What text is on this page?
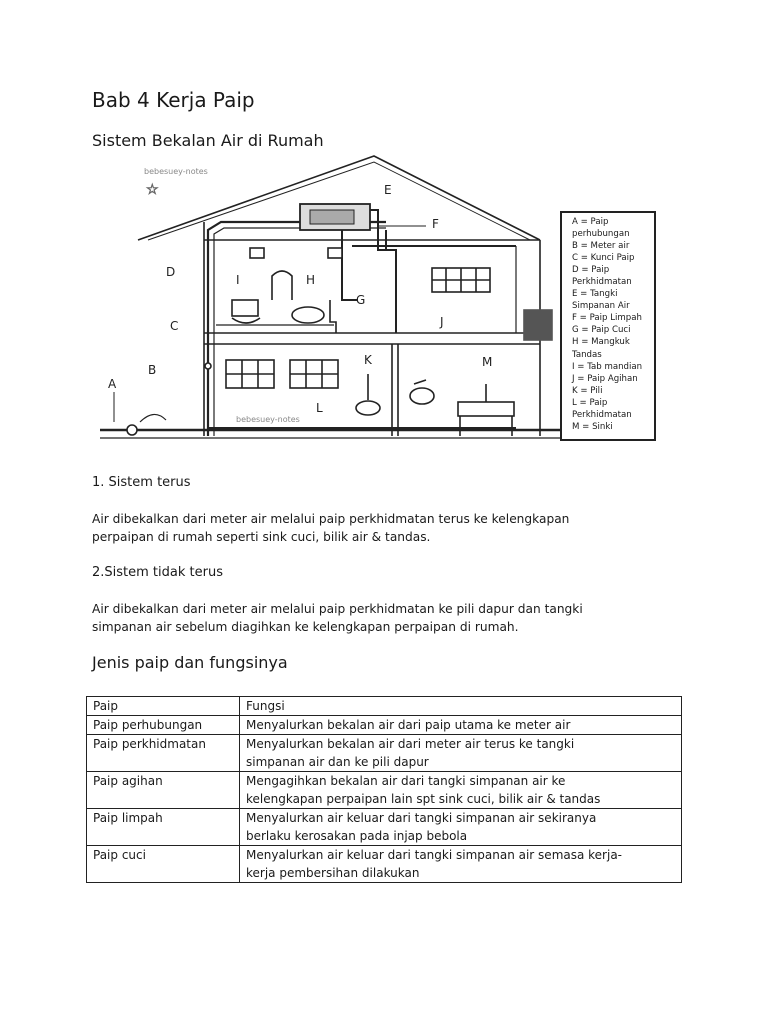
Bab 4 Kerja Paip
Sistem Bekalan Air di Rumah
bebesuey-notes
☆
bebesuey-notes
A
B
C
D
E
F
G
H
I
J
K
L
M
A = Paip
perhubungan
B = Meter air
C = Kunci Paip
D = Paip
Perkhidmatan
E = Tangki
Simpanan Air
F = Paip Limpah
G = Paip Cuci
H = Mangkuk
Tandas
I = Tab mandian
J = Paip Agihan
K = Pili
L = Paip
Perkhidmatan
M = Sinki
1. Sistem terus
Air dibekalkan dari meter air melalui paip perkhidmatan terus ke kelengkapan
perpaipan di rumah seperti sink cuci, bilik air & tandas.
2.Sistem tidak terus
Air dibekalkan dari meter air melalui paip perkhidmatan ke pili dapur dan tangki
simpanan air sebelum diagihkan ke kelengkapan perpaipan di rumah.
Jenis paip dan fungsinya
Paip	Fungsi
Paip perhubungan	Menyalurkan bekalan air dari paip utama ke meter air

Paip perkhidmatan	Menyalurkan bekalan air dari meter air terus ke tangki
simpanan air dan ke pili dapur

Paip agihan	Mengagihkan bekalan air dari tangki simpanan air ke
kelengkapan perpaipan lain spt sink cuci, bilik air & tandas

Paip limpah	Menyalurkan air keluar dari tangki simpanan air sekiranya
berlaku kerosakan pada injap bebola

Paip cuci	Menyalurkan air keluar dari tangki simpanan air semasa kerja-
kerja pembersihan dilakukan
